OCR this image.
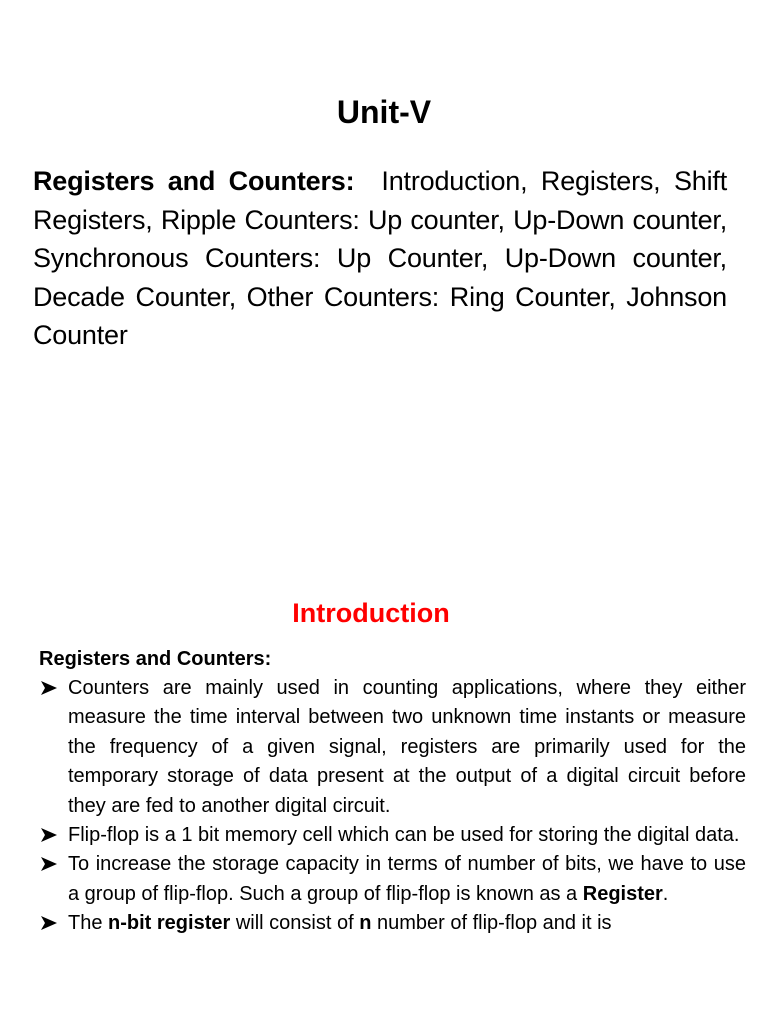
Unit-V
Registers and Counters: Introduction, Registers, Shift Registers, Ripple Counters: Up counter, Up-Down counter, Synchronous Counters: Up Counter, Up-Down counter, Decade Counter, Other Counters: Ring Counter, Johnson Counter
Introduction
Registers and Counters:
Counters are mainly used in counting applications, where they either measure the time interval between two unknown time instants or measure the frequency of a given signal, registers are primarily used for the temporary storage of data present at the output of a digital circuit before they are fed to another digital circuit.
Flip-flop is a 1 bit memory cell which can be used for storing the digital data.
To increase the storage capacity in terms of number of bits, we have to use a group of flip-flop. Such a group of flip-flop is known as a Register.
The n-bit register will consist of n number of flip-flop and it is
